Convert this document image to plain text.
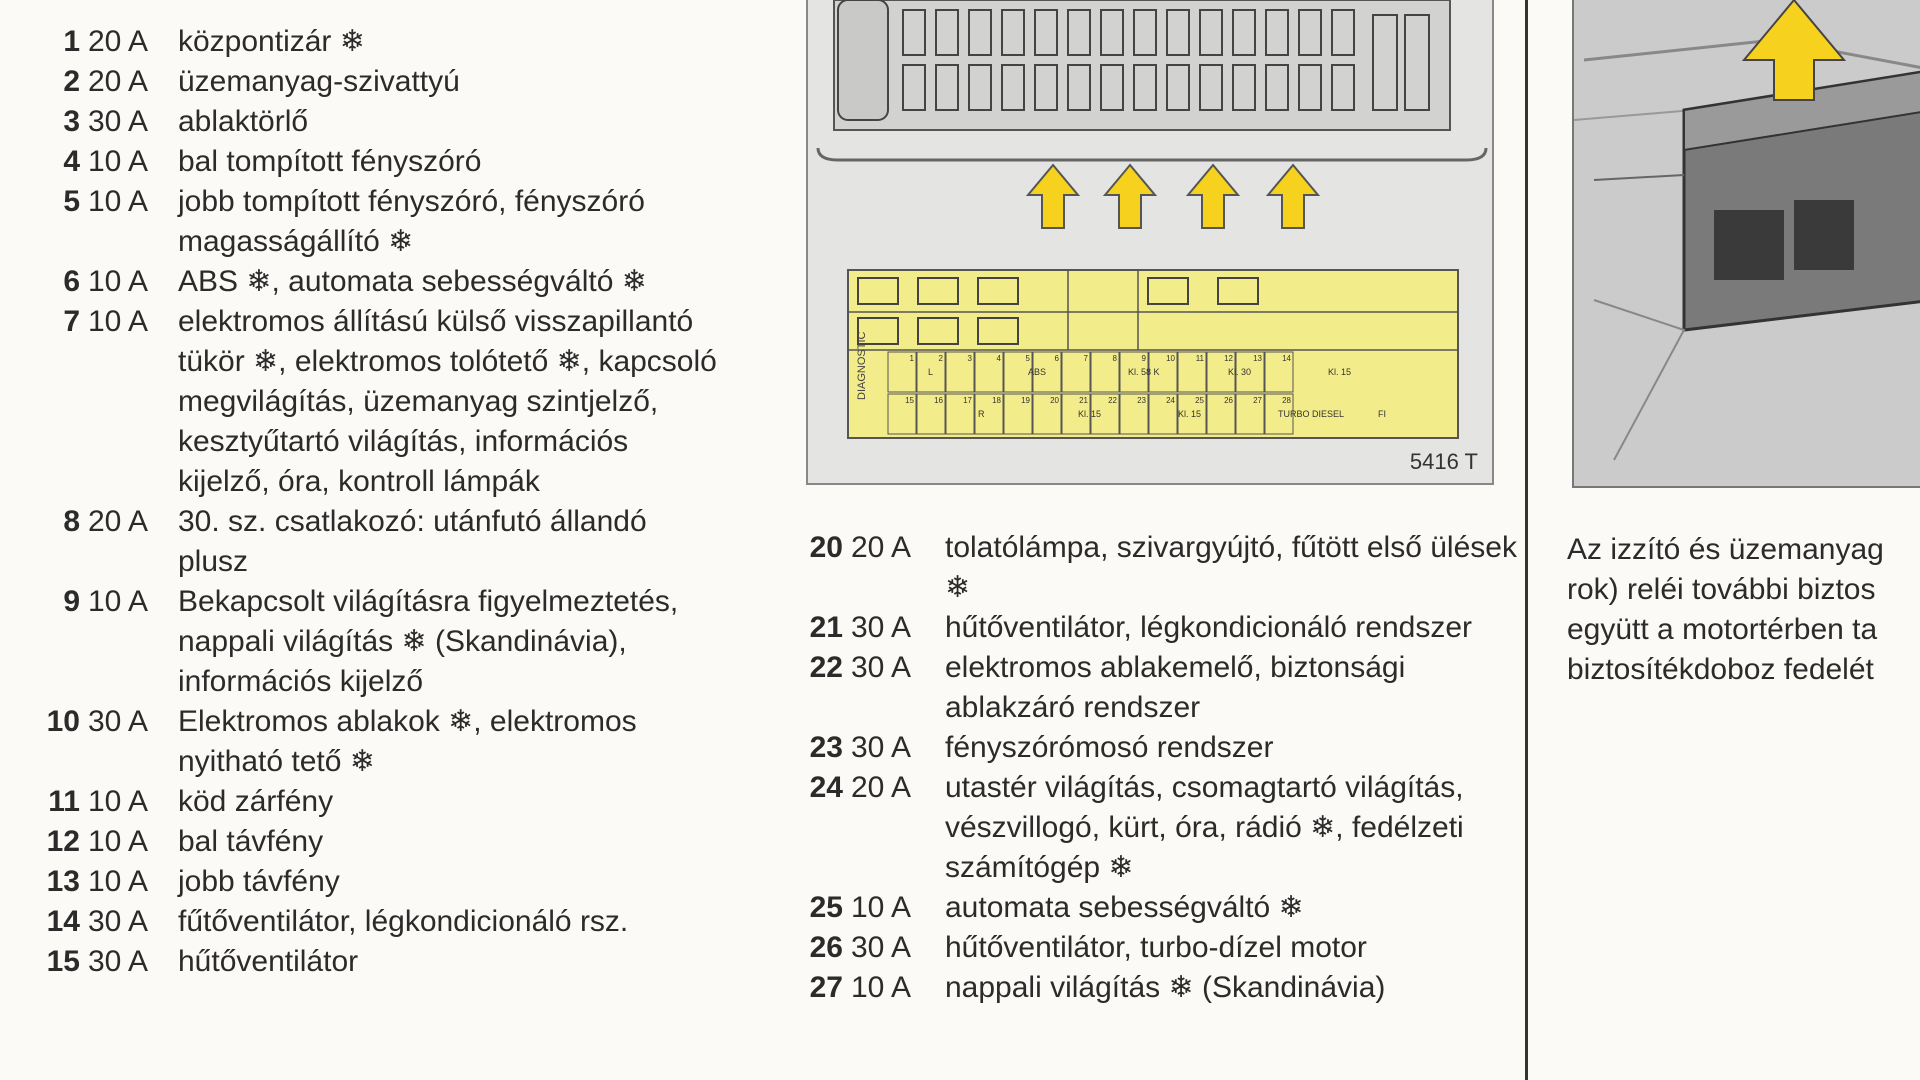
1 20 A központizár ❄
2 20 A üzemanyag-szivattyú
3 30 A ablaktörlő
4 10 A bal tompított fényszóró
5 10 A jobb tompított fényszóró, fényszóró magasságállító ❄
6 10 A ABS ❄, automata sebességváltó ❄
7 10 A elektromos állítású külső visszapillantó tükör ❄, elektromos tolótető ❄, kapcsoló megvilágítás, üzemanyag szintjelző, kesztyűtartó világítás, információs kijelző, óra, kontroll lámpák
8 20 A 30. sz. csatlakozó: utánfutó állandó plusz
9 10 A Bekapcsolt világításra figyelmeztetés, nappali világítás ❄ (Skandinávia), információs kijelző
10 30 A Elektromos ablakok ❄, elektromos nyitható tető ❄
11 10 A köd zárfény
12 10 A bal távfény
13 10 A jobb távfény
14 30 A fűtőventilátor, légkondicionáló rsz.
15 30 A hűtőventilátor
1	2	3	4	5	6	7	8	9	10	11	12	13	14
15	16	17	18	19	20	21	22	23	24	25	26	27	28
L
R
ABS
Kl. 15
Kl. 58 K
Kl. 15
Kl. 30
TURBO DIESEL
Kl. 15
FI
DIAGNOSTIC
5416 T
20 20 A	tolatólámpa, szivargyújtó, fűtött első ülések ❄
21 30 A	hűtőventilátor, légkondicionáló rendszer
22 30 A	elektromos ablakemelő, biztonsági ablakzáró rendszer
23 30 A	fényszórómosó rendszer
24 20 A	utastér világítás, csomagtartó világítás, vészvillogó, kürt, óra, rádió ❄, fedélzeti számítógép ❄
25 10 A	automata sebességváltó ❄
26 30 A	hűtőventilátor, turbo-dízel motor
27 10 A	nappali világítás ❄ (Skandinávia)
Az izzító és üzemanyag
rok) reléi további biztos
együtt a motortérben ta
biztosítékdoboz fedelét
